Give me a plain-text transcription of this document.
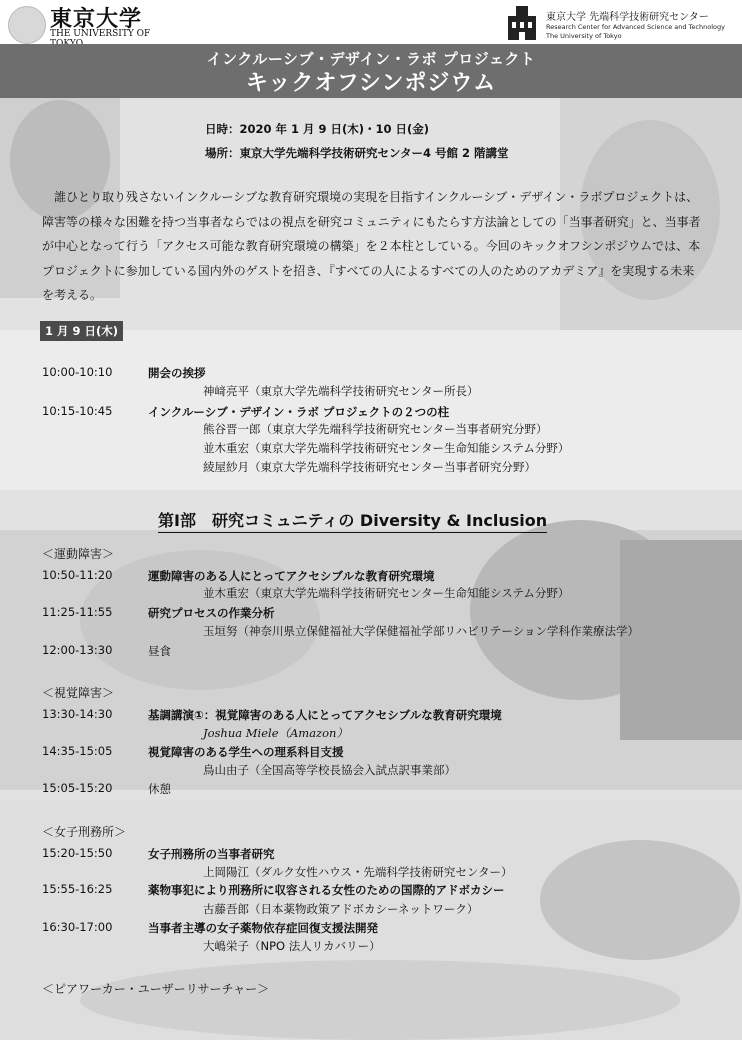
東京大学
THE UNIVERSITY OF
東京大学 先端科学技術研究センター
Research Center for Advanced Science and Technology
The University of Tokyo
インクルーシブ・デザイン・ラボ プロジェクト
キックオフシンポジウム
日時：2020 年 1 月 9 日(木)・10 日(金)
場所：東京大学先端科学技術研究センター4 号館 2 階講堂
誰ひとり取り残さないインクルーシブな教育研究環境の実現を目指すインクルーシブ・デザイン・ラボプロジェクトは、障害等の様々な困難を持つ当事者ならではの視点を研究コミュニティにもたらす方法論としての「当事者研究」と、当事者が中心となって行う「アクセス可能な教育研究環境の構築」を２本柱としている。今回のキックオフシンポジウムでは、本プロジェクトに参加している国内外のゲストを招き、『すべての人によるすべての人のためのアカデミア』を実現する未来を考える。
1 月 9 日(木)
10:00-10:10	開会の挨拶
神﨑亮平（東京大学先端科学技術研究センター所長）
10:15-10:45	インクルーシブ・デザイン・ラボ プロジェクトの２つの柱
熊谷晋一郎（東京大学先端科学技術研究センター当事者研究分野）
並木重宏（東京大学先端科学技術研究センター生命知能システム分野）
綾屋紗月（東京大学先端科学技術研究センター当事者研究分野）
第Ⅰ部　研究コミュニティの Diversity & Inclusion
＜運動障害＞
10:50-11:20	運動障害のある人にとってアクセシブルな教育研究環境
並木重宏（東京大学先端科学技術研究センター生命知能システム分野）
11:25-11:55	研究プロセスの作業分析
玉垣努（神奈川県立保健福祉大学保健福祉学部リハビリテーション学科作業療法学）
12:00-13:30	昼食
＜視覚障害＞
13:30-14:30	基調講演①：視覚障害のある人にとってアクセシブルな教育研究環境
Joshua Miele（Amazon）
14:35-15:05	視覚障害のある学生への理系科目支援
鳥山由子（全国高等学校長協会入試点訳事業部）
15:05-15:20	休憩
＜女子刑務所＞
15:20-15:50	女子刑務所の当事者研究
上岡陽江（ダルク女性ハウス・先端科学技術研究センター）
15:55-16:25	薬物事犯により刑務所に収容される女性のための国際的アドボカシー
古藤吾郎（日本薬物政策アドボカシーネットワーク）
16:30-17:00	当事者主導の女子薬物依存症回復支援法開発
大嶋栄子（NPO 法人リカバリー）
＜ピアワーカー・ユーザーリサーチャー＞
